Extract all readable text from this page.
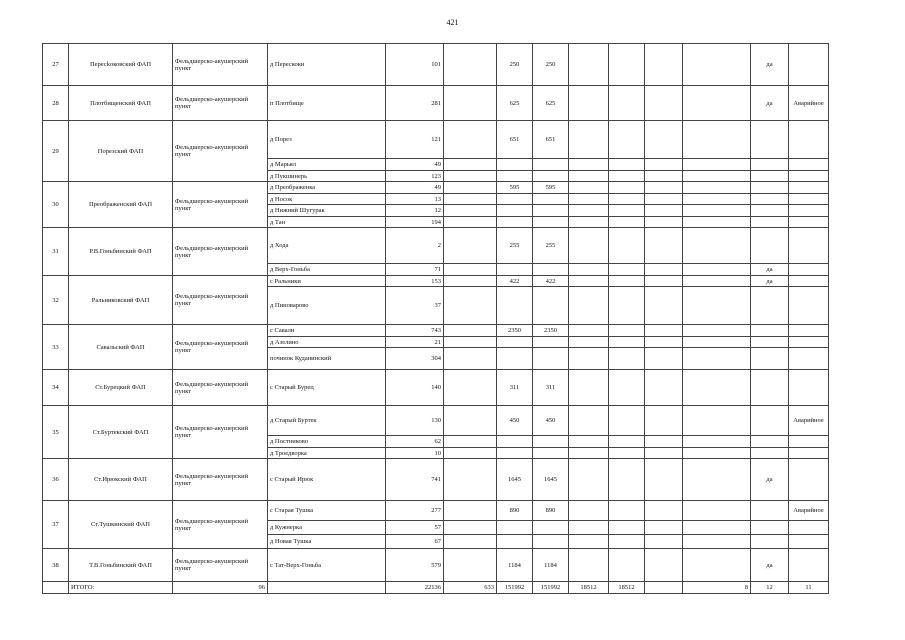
421
27	Пересkоковский ФАП	Фельдшерско-акушерский пункт	д Перескоки	101		250	250					да	
28	Плотбищенский ФАП	Фельдшерско-акушерский пункт	п Плотбище	281		625	625					да	Аварийное
29	Порезский ФАП	Фельдшерско-акушерский пункт	д Порез	121		651	651						
			д Марьял	49									
			д Пукшинерь	123									
30	Преображенский ФАП	Фельдшерско-акушерский пункт	д Преображенка	49		595	595						
			д Носок	13									
			д Нижний Шугурак	12									
			д Тан	194									
31	Р.В.Гоньбинский ФАП	Фельдшерско-акушерский пункт	д Хода	2		255	255						
			д Верх-Гоньба	71								да	
32	Ральниковский ФАП	Фельдшерско-акушерский пункт	с Ральники	153		422	422					да	
			д Пиноварово	37									
33	Савальский ФАП	Фельдшерско-акушерский пункт	с Савали	743		2350	2350						
			д Азелино	21									
			починок Куданинский	304									
34	Ст.Бурецкий ФАП	Фельдшерско-акушерский пункт	с Старый Бурец	140		311	311						
35	Ст.Буртекский ФАП	Фельдшерско-акушерский пункт	д Старый Буртек	130		450	450						Аварийное
			д Постниково	62									
			д Троедворка	10									
36	Ст.Ирюкский ФАП	Фельдшерско-акушерский пункт	с Старый Ирюк	741		1645	1645					да	
37	Ст.Тушкинский ФАП	Фельдшерско-акушерский пункт	с Старая Тушка	277		890	890						Аварийное
			д Кужнерка	57									
			д Новая Тушка	67									
38	Т.В.Гоньбинский ФАП	Фельдшерско-акушерский пункт	с Тат-Верх-Гоньба	579		1184	1184					да	
	ИТОГО:	96		22136	633	151992	151992	18512	18512		8	12	11
